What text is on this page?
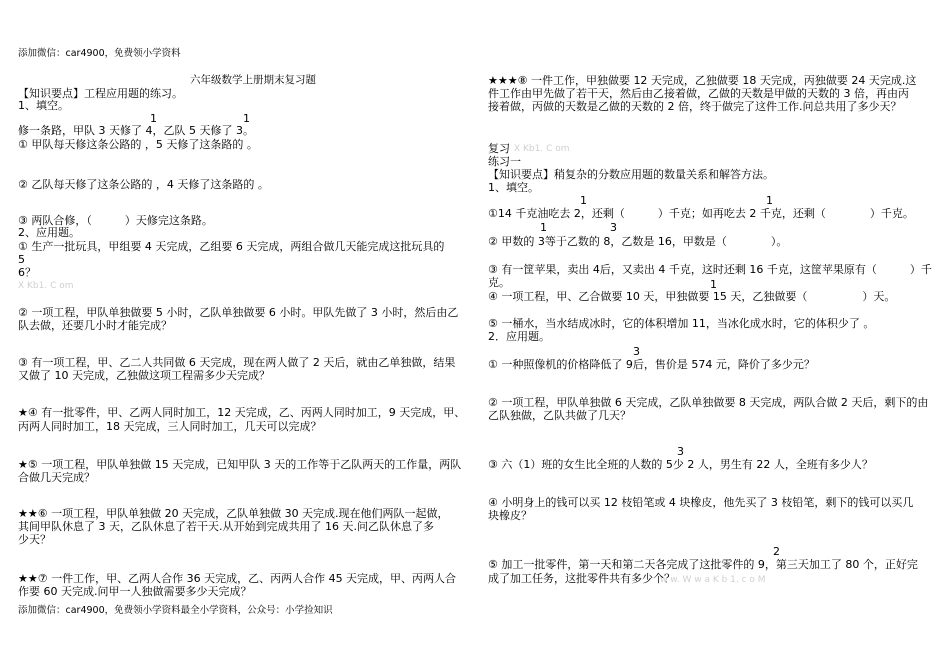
添加微信：car4900，免费领小学资料
添加微信：car4900，免费领小学资料最全小学资料，公众号：小学捡知识
六年级数学上册期末复习题
【知识要点】工程应用题的练习。
1、填空。
1	1
修一条路，甲队 3 天修了 4，乙队 5 天修了 3。
① 甲队每天修这条公路的 ，5 天修了这条路的 。
② 乙队每天修了这条公路的 ，4 天修了这条路的 。
③ 两队合修，（　　　）天修完这条路。
2、应用题。
① 生产一批玩具，甲组要 4 天完成，乙组要 6 天完成，两组合做几天能完成这批玩具的
5
6？
X Kb1. C om
② 一项工程，甲队单独做要 5 小时，乙队单独做要 6 小时。甲队先做了 3 小时，然后由乙
队去做，还要几小时才能完成？
③ 有一项工程，甲、乙二人共同做 6 天完成，现在两人做了 2 天后，就由乙单独做，结果
又做了 10 天完成，乙独做这项工程需多少天完成？
★④ 有一批零件，甲、乙两人同时加工，12 天完成，乙、丙两人同时加工，9 天完成，甲、
丙两人同时加工，18 天完成，三人同时加工，几天可以完成？
★⑤ 一项工程，甲队单独做 15 天完成，已知甲队 3 天的工作等于乙队两天的工作量，两队
合做几天完成？
★★⑥ 一项工程，甲队单独做 20 天完成，乙队单独做 30 天完成.现在他们两队一起做，
其间甲队休息了 3 天，乙队休息了若干天.从开始到完成共用了 16 天.问乙队休息了多
少天？
★★⑦ 一件工作，甲、乙两人合作 36 天完成，乙、丙两人合作 45 天完成，甲、丙两人合
作要 60 天完成.问甲一人独做需要多少天完成？
★★★⑧ 一件工作，甲独做要 12 天完成，乙独做要 18 天完成，丙独做要 24 天完成.这
件工作由甲先做了若干天，然后由乙接着做，乙做的天数是甲做的天数的 3 倍，再由丙
接着做，丙做的天数是乙做的天数的 2 倍，终于做完了这件工作.问总共用了多少天？
复习 X Kb1. C om
练习一
【知识要点】稍复杂的分数应用题的数量关系和解答方法。
1、填空。
1	1
①14 千克油吃去 2，还剩（　　　）千克；如再吃去 2 千克，还剩（　　　　）千克。
1	3
② 甲数的 3等于乙数的 8，乙数是 16，甲数是（　　　　）。
③ 有一筐苹果，卖出 4后，又卖出 4 千克，这时还剩 16 千克，这筐苹果原有（　　　）千
克。	1
④ 一项工程，甲、乙合做要 10 天，甲独做要 15 天，乙独做要（　　　　　）天。
⑤ 一桶水，当水结成冰时，它的体积增加 11，当冰化成水时，它的体积少了 。
2．应用题。
3
① 一种照像机的价格降低了 9后，售价是 574 元，降价了多少元？
② 一项工程，甲队单独做 6 天完成，乙队单独做要 8 天完成，两队合做 2 天后，剩下的由
乙队独做，乙队共做了几天？
3
③ 六（1）班的女生比全班的人数的 5少 2 人，男生有 22 人，全班有多少人？
④ 小明身上的钱可以买 12 枝铅笔或 4 块橡皮，他先买了 3 枝铅笔，剩下的钱可以买几
块橡皮？
2
⑤ 加工一批零件，第一天和第二天各完成了这批零件的 9，第三天加工了 80 个，正好完
成了加工任务，这批零件共有多少个？
w w. W w a K b 1. c o M
